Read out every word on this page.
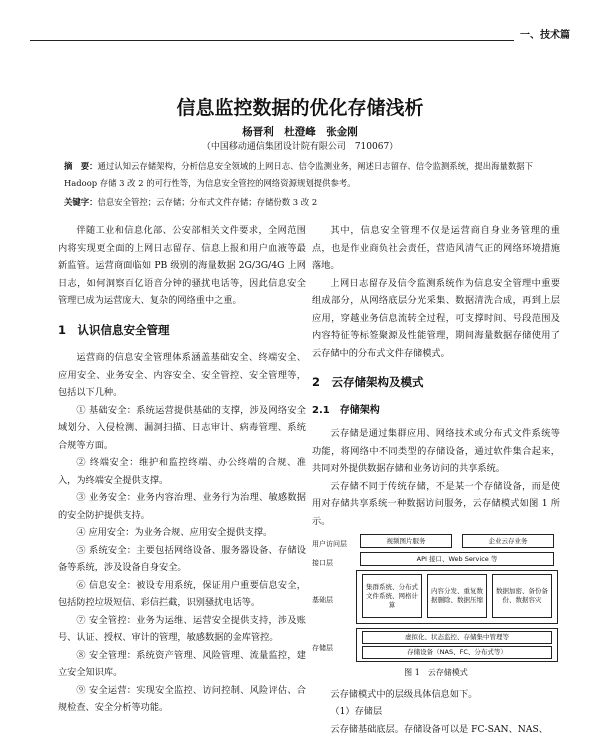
一、技术篇
信息监控数据的优化存储浅析
杨晋利　杜澄峰　张金刚
（中国移动通信集团设计院有限公司　710067）
摘　要：通过认知云存储架构，分析信息安全领域的上网日志、信令监测业务，阐述日志留存、信令监测系统，提出海量数据下 Hadoop 存储 3 改 2 的可行性等，为信息安全管控的网络资源规划提供参考。
关键字：信息安全管控；云存储；分布式文件存储；存储份数 3 改 2

伴随工业和信息化部、公安部相关文件要求，全网范围内将实现更全面的上网日志留存、信息上报和用户血液等最新监管。运营商面临如 PB 级别的海量数据 2G/3G/4G 上网日志，如何洞察百亿语音分钟的骚扰电话等，因此信息安全管理已成为运营庞大、复杂的网络重中之重。

1　认识信息安全管理

运营商的信息安全管理体系涵盖基础安全、终端安全、应用安全、业务安全、内容安全、安全管控、安全管理等，包括以下几种。

① 基础安全：系统运营提供基础的支撑，涉及网络安全域划分、入侵检测、漏洞扫描、日志审计、病毒管理、系统合规等方面。

② 终端安全：维护和监控终端、办公终端的合规、准入，为终端安全提供支撑。

③ 业务安全：业务内容治理、业务行为治理、敏感数据的安全防护提供支持。

④ 应用安全：为业务合规、应用安全提供支撑。

⑤ 系统安全：主要包括网络设备、服务器设备、存储设备等系统，涉及设备自身安全。

⑥ 信息安全：被设专用系统，保证用户重要信息安全，包括防控垃圾短信、彩信拦截，识别骚扰电话等。

⑦ 安全管控：业务为运维、运营安全提供支持，涉及账号、认证、授权、审计的管理，敏感数据的金库管控。

⑧ 安全管理：系统资产管理、风险管理、流量监控，建立安全知识库。

⑨ 安全运营：实现安全监控、访问控制、风险评估、合规检查、安全分析等功能。

其中，信息安全管理不仅是运营商自身业务管理的重点，也是作业商负社会责任，营造风清气正的网络环境措施落地。

上网日志留存及信令监测系统作为信息安全管理中重要组成部分，从网络底层分光采集、数据清洗合成，再到上层应用，穿越业务信息流转全过程，可支撑时间、号段范围及内容特征等标签聚源及性能管理，期间海量数据存储使用了云存储中的分布式文件存储模式。

2　云存储架构及模式
2.1　存储架构

云存储是通过集群应用、网络技术或分布式文件系统等功能，将网络中不同类型的存储设备，通过软件集合起来，共同对外提供数据存储和业务访问的共享系统。

云存储不同于传统存储，不是某一个存储设备，而是使用对存储共享系统一种数据访问服务，云存储模式如图 1 所示。

用户访问层	视频图片服务	企业云存业务
接口层
API 接口、Web Service 等
基础层
集群系统、分布式文件系统、网格计算
内容分发、重复数据删除、数据压缩
数据加密、备份备份、数据容灾
存储层
虚拟化、状态监控、存储集中管理等
存储设备（NAS、FC、分布式等）
图 1　云存储模式

云存储模式中的层级具体信息如下。

（1）存储层

云存储基础底层。存储设备可以是 FC-SAN、NAS、
